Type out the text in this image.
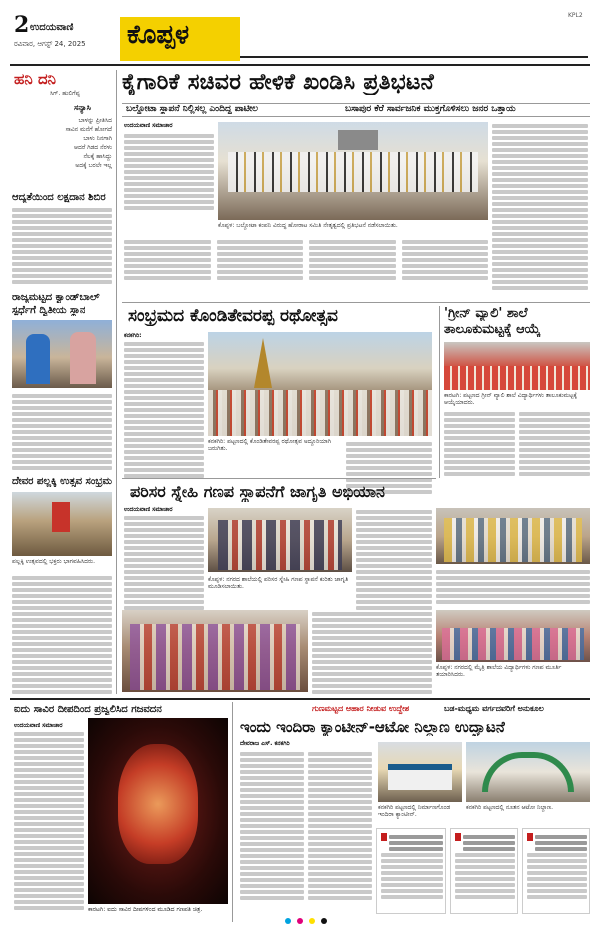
2 ಉದಯವಾಣಿ
ರವಿವಾರ, ಆಗಸ್ಟ್ 24, 2025 ಕೊಪ್ಪಳ
KPL2
ಹನಿ ದನಿ
ಸಿಗ್. ಹುಲಿಗೆಪ್ಪ
ಸನ್ಯಾಸಿ
ಬಾಳನ್ನು ಪ್ರೀತಿಸಿದ
ಸಾವಿನ ಮನೆಗೆ ಹೋಗದೆ
ಬಾಳು ನಿನಗಾಗಿ
ಆದರೆ ಗಿಡದ ನೆರಳು
ನೆಲಕ್ಕೆ ಹಾಸಿದ್ದು
ಅದಕ್ಕೆ ಬರಲೇ ಇಲ್ಲ
ಆದ್ಯತೆಯಿಂದ ಲಕ್ಷದಾನ ಶಿಬಿರ
ರಾಜ್ಯಮಟ್ಟದ ಕ್ವಾಂಡ್‌ಬಾಲ್
ಸ್ಪರ್ಧೆಗೆ ದ್ವಿತೀಯ ಸ್ಥಾನ
ದೇವರ ಪಲ್ಲಕ್ಕಿ ಉತ್ಸವ ಸಂಭ್ರಮ
ಪಲ್ಲಕ್ಕಿ ಉತ್ಸವದಲ್ಲಿ ಭಕ್ತರು ಭಾಗವಹಿಸಿದರು.
ಕೈಗಾರಿಕೆ ಸಚಿವರ ಹೇಳಿಕೆ ಖಂಡಿಸಿ ಪ್ರತಿಭಟನೆ
ಬಲ್ದೋಟಾ ಸ್ಥಾಪನೆ ನಿಲ್ಲಿಸಲ್ಲ ಎಂದಿದ್ದ ಪಾಟೀಲ	ಬಸಾಪುರ ಕೆರೆ ಸಾರ್ವಜನಿಕ ಮುಕ್ತಗೊಳಿಸಲು ಜನರ ಒತ್ತಾಯ
ಉದಯವಾಣಿ ಸಮಾಚಾರ
ಕೊಪ್ಪಳ: ಬಲ್ದೋಟಾ ಕಂಪನಿ ವಿರುದ್ಧ ಹೋರಾಟ ಸಮಿತಿ ನೇತೃತ್ವದಲ್ಲಿ ಪ್ರತಿಭಟನೆ ನಡೆಸಲಾಯಿತು.
ಸಂಭ್ರಮದ ಕೊಂಡಿತೇವರಪ್ಪ ರಥೋತ್ಸವ
ಕನಕಗಿರಿ:
ಕನಕಗಿರಿ: ಪಟ್ಟಣದಲ್ಲಿ ಕೊಂಡಿತೇವರಪ್ಪ ರಥೋತ್ಸವ ಅದ್ದೂರಿಯಾಗಿ ಜರುಗಿತು.
'ಗ್ರೀನ್ ವ್ಯಾಲಿ' ಶಾಲೆ
ತಾಲೂಕುಮಟ್ಟಕ್ಕೆ ಆಯ್ಕೆ
ಕಾರಟಗಿ: ಪಟ್ಟಣದ ಗ್ರೀನ್ ವ್ಯಾಲಿ ಶಾಲೆ ವಿದ್ಯಾರ್ಥಿಗಳು ತಾಲೂಕುಮಟ್ಟಕ್ಕೆ ಆಯ್ಕೆಯಾದರು.
ಪರಿಸರ ಸ್ನೇಹಿ ಗಣಪ ಸ್ಥಾಪನೆಗೆ ಜಾಗೃತಿ ಅಭಿಯಾನ
ಉದಯವಾಣಿ ಸಮಾಚಾರ
ಕೊಪ್ಪಳ: ನಗರದ ಶಾಲೆಯಲ್ಲಿ ಪರಿಸರ ಸ್ನೇಹಿ ಗಣಪ ಸ್ಥಾಪನೆ ಕುರಿತು ಜಾಗೃತಿ ಮೂಡಿಸಲಾಯಿತು.
ಕೊಪ್ಪಳ: ನಗರದಲ್ಲಿ ಮೈತ್ರಿ ಶಾಲೆಯ ವಿದ್ಯಾರ್ಥಿಗಳು ಗಣಪ ಮೂರ್ತಿ ತಯಾರಿಸಿದರು.
ಐದು ಸಾವಿರ ದೀಪದಿಂದ ಪ್ರಜ್ವಲಿಸಿದ ಗಜವದನ
ಉದಯವಾಣಿ ಸಮಾಚಾರ
ಕಾರಟಗಿ: ಐದು ಸಾವಿರ ದೀಪಗಳಿಂದ ಮೂಡಿದ ಗಣಪತಿ ಚಿತ್ರ.
ಗುಣಮಟ್ಟದ ಆಹಾರ ನೀಡುವ ಉದ್ದೇಶ	ಬಡ-ಮಧ್ಯಮ ವರ್ಗದವರಿಗೆ ಅನುಕೂಲ
ಇಂದು ಇಂದಿರಾ ಕ್ಯಾಂಟೀನ್-ಆಟೋ ನಿಲ್ದಾಣ ಉದ್ಘಾಟನೆ
ದೇವರಾಜ ಎಸ್. ಕನಕಗಿರಿ
ಕನಕಗಿರಿ ಪಟ್ಟಣದಲ್ಲಿ ನಿರ್ಮಾಣಗೊಂಡ ಇಂದಿರಾ ಕ್ಯಾಂಟೀನ್.
ಕನಕಗಿರಿ ಪಟ್ಟಣದಲ್ಲಿ ನೂತನ ಆಟೋ ನಿಲ್ದಾಣ.
